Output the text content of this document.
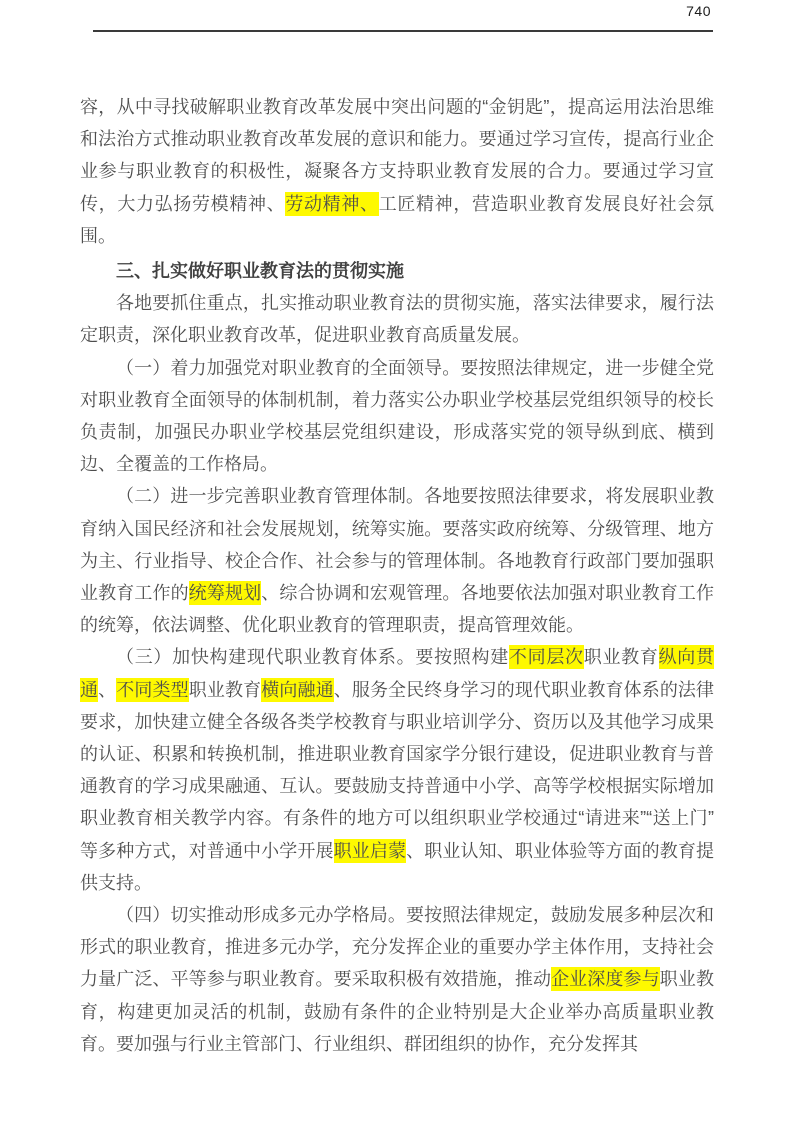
740

容，从中寻找破解职业教育改革发展中突出问题的“金钥匙”，提高运用法治思维和法治方式推动职业教育改革发展的意识和能力。要通过学习宣传，提高行业企业参与职业教育的积极性，凝聚各方支持职业教育发展的合力。要通过学习宣传，大力弘扬劳模精神、劳动精神、工匠精神，营造职业教育发展良好社会氛围。

三、扎实做好职业教育法的贯彻实施

各地要抓住重点，扎实推动职业教育法的贯彻实施，落实法律要求，履行法定职责，深化职业教育改革，促进职业教育高质量发展。

（一）着力加强党对职业教育的全面领导。要按照法律规定，进一步健全党对职业教育全面领导的体制机制，着力落实公办职业学校基层党组织领导的校长负责制，加强民办职业学校基层党组织建设，形成落实党的领导纵到底、横到边、全覆盖的工作格局。

（二）进一步完善职业教育管理体制。各地要按照法律要求，将发展职业教育纳入国民经济和社会发展规划，统筹实施。要落实政府统筹、分级管理、地方为主、行业指导、校企合作、社会参与的管理体制。各地教育行政部门要加强职业教育工作的统筹规划、综合协调和宏观管理。各地要依法加强对职业教育工作的统筹，依法调整、优化职业教育的管理职责，提高管理效能。

（三）加快构建现代职业教育体系。要按照构建不同层次职业教育纵向贯通、不同类型职业教育横向融通、服务全民终身学习的现代职业教育体系的法律要求，加快建立健全各级各类学校教育与职业培训学分、资历以及其他学习成果的认证、积累和转换机制，推进职业教育国家学分银行建设，促进职业教育与普通教育的学习成果融通、互认。要鼓励支持普通中小学、高等学校根据实际增加职业教育相关教学内容。有条件的地方可以组织职业学校通过“请进来”“送上门”等多种方式，对普通中小学开展职业启蒙、职业认知、职业体验等方面的教育提供支持。

（四）切实推动形成多元办学格局。要按照法律规定，鼓励发展多种层次和形式的职业教育，推进多元办学，充分发挥企业的重要办学主体作用，支持社会力量广泛、平等参与职业教育。要采取积极有效措施，推动企业深度参与职业教育，构建更加灵活的机制，鼓励有条件的企业特别是大企业举办高质量职业教育。要加强与行业主管部门、行业组织、群团组织的协作，充分发挥其
